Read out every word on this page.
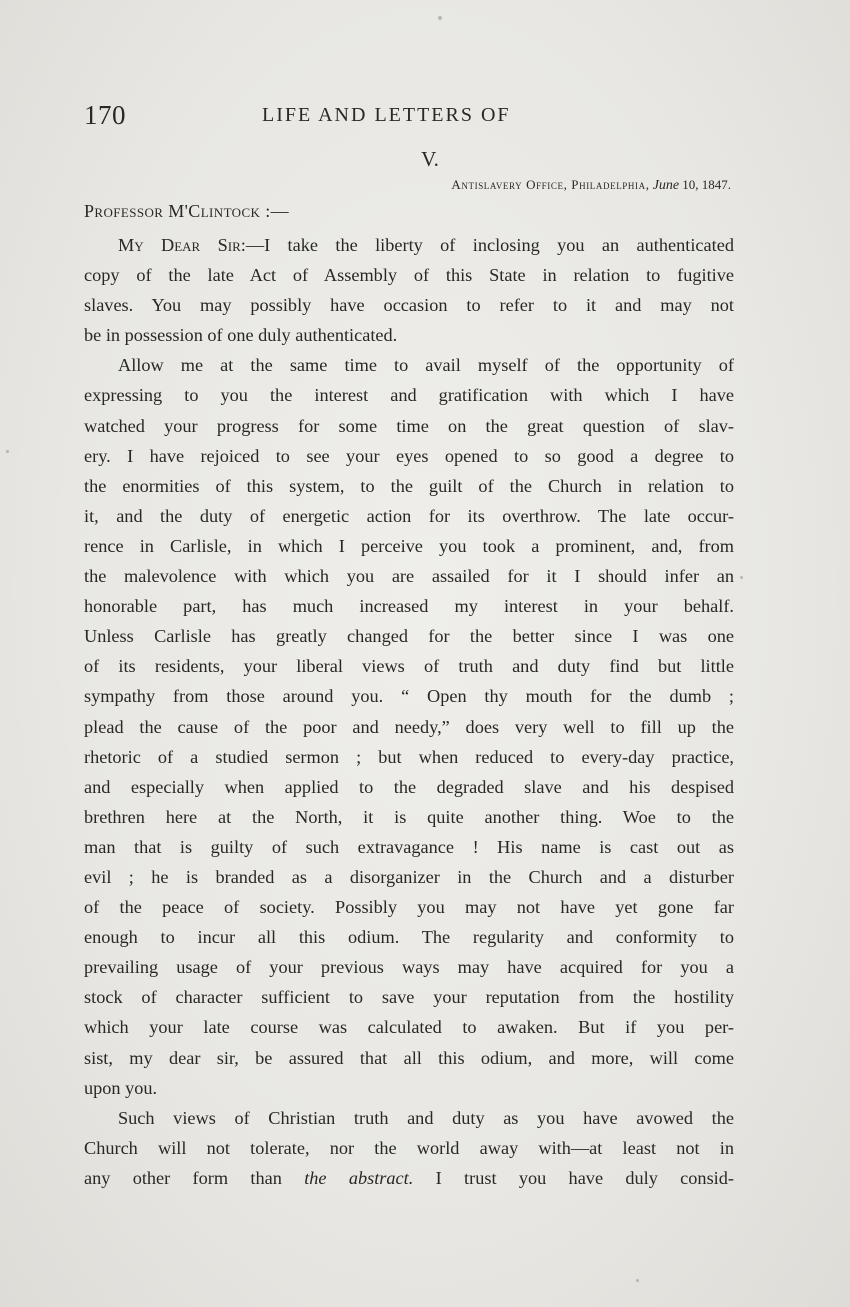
170	LIFE AND LETTERS OF
V.
Antislavery Office, Philadelphia, June 10, 1847.
Professor M'Clintock :—
My Dear Sir:—I take the liberty of inclosing you an authenticated
copy of the late Act of Assembly of this State in relation to fugitive
slaves. You may possibly have occasion to refer to it and may not
be in possession of one duly authenticated.
Allow me at the same time to avail myself of the opportunity of
expressing to you the interest and gratification with which I have
watched your progress for some time on the great question of slav-
ery. I have rejoiced to see your eyes opened to so good a degree to
the enormities of this system, to the guilt of the Church in relation to
it, and the duty of energetic action for its overthrow. The late occur-
rence in Carlisle, in which I perceive you took a prominent, and, from
the malevolence with which you are assailed for it I should infer an
honorable part, has much increased my interest in your behalf.
Unless Carlisle has greatly changed for the better since I was one
of its residents, your liberal views of truth and duty find but little
sympathy from those around you. “ Open thy mouth for the dumb ;
plead the cause of the poor and needy,” does very well to fill up the
rhetoric of a studied sermon ; but when reduced to every-day practice,
and especially when applied to the degraded slave and his despised
brethren here at the North, it is quite another thing. Woe to the
man that is guilty of such extravagance ! His name is cast out as
evil ; he is branded as a disorganizer in the Church and a disturber
of the peace of society. Possibly you may not have yet gone far
enough to incur all this odium. The regularity and conformity to
prevailing usage of your previous ways may have acquired for you a
stock of character sufficient to save your reputation from the hostility
which your late course was calculated to awaken. But if you per-
sist, my dear sir, be assured that all this odium, and more, will come
upon you.
Such views of Christian truth and duty as you have avowed the
Church will not tolerate, nor the world away with—at least not in
any other form than the abstract. I trust you have duly consid-
